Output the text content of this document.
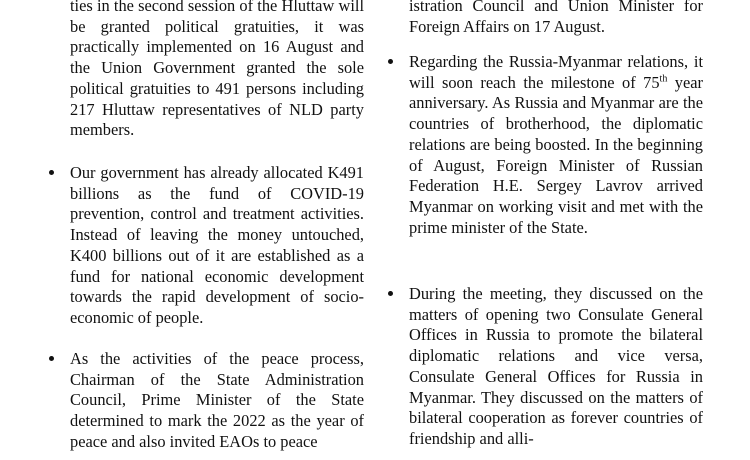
ties in the second session of the Hluttaw will be granted political gratuities, it was practically implemented on 16 August and the Union Government granted the sole political gratuities to 491 persons including 217 Hluttaw representatives of NLD party members.

Our government has already allocated K491 billions as the fund of COVID-19 prevention, control and treatment activities. Instead of leaving the money untouched, K400 billions out of it are established as a fund for national economic development towards the rapid development of socio-economic of people.

As the activities of the peace process, Chairman of the State Administration Council, Prime Minister of the State determined to mark the 2022 as the year of peace and also invited EAOs to peace

istration Council and Union Minister for Foreign Affairs on 17 August.

Regarding the Russia-Myanmar relations, it will soon reach the milestone of 75th year anniversary. As Russia and Myanmar are the countries of brotherhood, the diplomatic relations are being boosted. In the beginning of August, Foreign Minister of Russian Federation H.E. Sergey Lavrov arrived Myanmar on working visit and met with the prime minister of the State.

During the meeting, they discussed on the matters of opening two Consulate General Offices in Russia to promote the bilateral diplomatic relations and vice versa, Consulate General Offices for Russia in Myanmar. They discussed on the matters of bilateral cooperation as forever countries of friendship and alli-
